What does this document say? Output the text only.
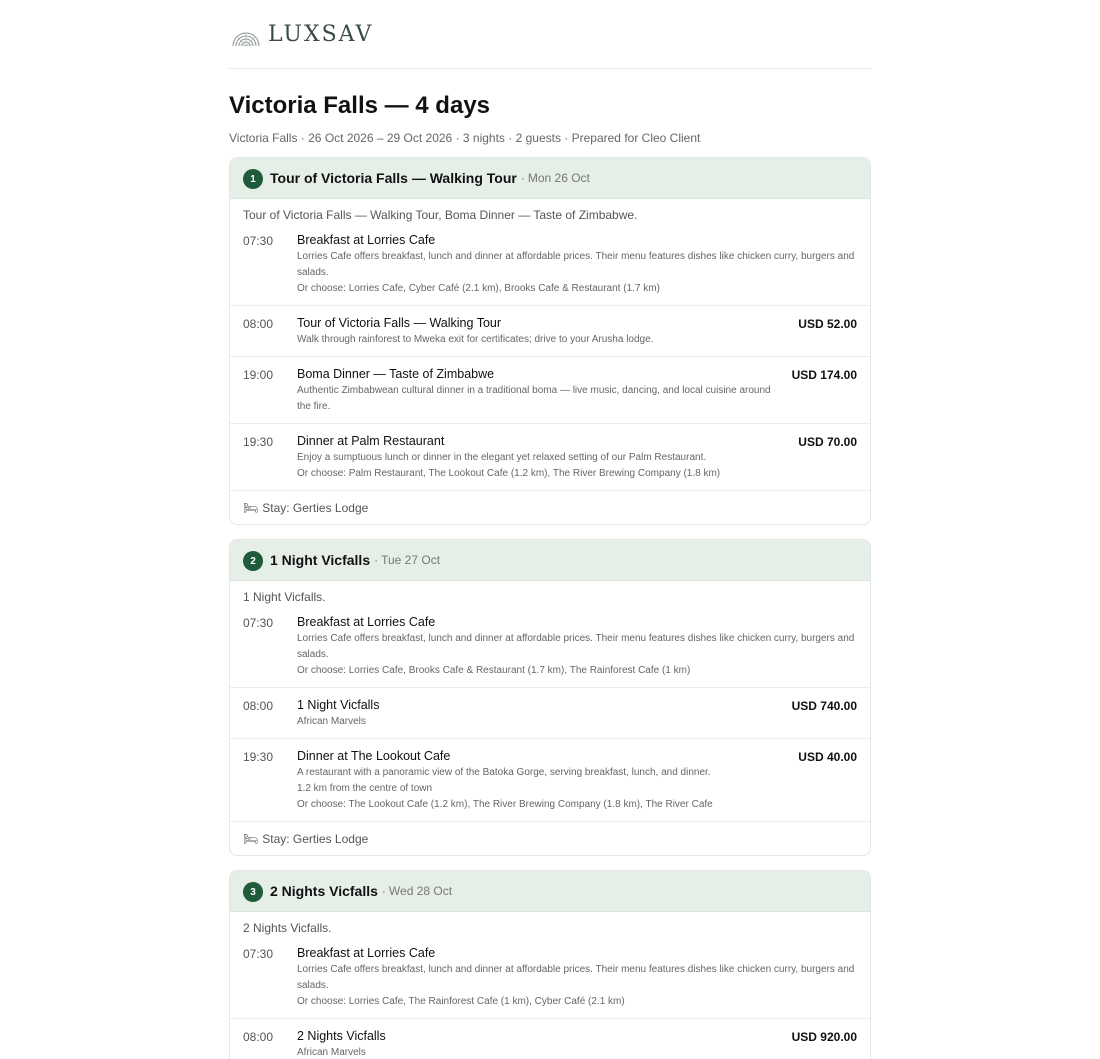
LUXSAV
Victoria Falls — 4 days
Victoria Falls · 26 Oct 2026 – 29 Oct 2026 · 3 nights · 2 guests · Prepared for Cleo Client
1	Tour of Victoria Falls — Walking Tour · Mon 26 Oct
Tour of Victoria Falls — Walking Tour, Boma Dinner — Taste of Zimbabwe.
07:30	Breakfast at Lorries Cafe
Lorries Cafe offers breakfast, lunch and dinner at affordable prices. Their menu features dishes like chicken curry, burgers and salads.
Or choose: Lorries Cafe, Cyber Café (2.1 km), Brooks Cafe & Restaurant (1.7 km)
08:00	Tour of Victoria Falls — Walking Tour
Walk through rainforest to Mweka exit for certificates; drive to your Arusha lodge.
USD 52.00
19:00	Boma Dinner — Taste of Zimbabwe
Authentic Zimbabwean cultural dinner in a traditional boma — live music, dancing, and local cuisine around the fire.
USD 174.00
19:30	Dinner at Palm Restaurant
Enjoy a sumptuous lunch or dinner in the elegant yet relaxed setting of our Palm Restaurant.
Or choose: Palm Restaurant, The Lookout Cafe (1.2 km), The River Brewing Company (1.8 km)
USD 70.00
🛏 Stay: Gerties Lodge
2	1 Night Vicfalls · Tue 27 Oct
1 Night Vicfalls.
07:30	Breakfast at Lorries Cafe
Lorries Cafe offers breakfast, lunch and dinner at affordable prices. Their menu features dishes like chicken curry, burgers and salads.
Or choose: Lorries Cafe, Brooks Cafe & Restaurant (1.7 km), The Rainforest Cafe (1 km)
08:00	1 Night Vicfalls
African Marvels
USD 740.00
19:30	Dinner at The Lookout Cafe
A restaurant with a panoramic view of the Batoka Gorge, serving breakfast, lunch, and dinner.
1.2 km from the centre of town
Or choose: The Lookout Cafe (1.2 km), The River Brewing Company (1.8 km), The River Cafe
USD 40.00
🛏 Stay: Gerties Lodge
3	2 Nights Vicfalls · Wed 28 Oct
2 Nights Vicfalls.
07:30	Breakfast at Lorries Cafe
Lorries Cafe offers breakfast, lunch and dinner at affordable prices. Their menu features dishes like chicken curry, burgers and salads.
Or choose: Lorries Cafe, The Rainforest Cafe (1 km), Cyber Café (2.1 km)
08:00	2 Nights Vicfalls
African Marvels
USD 920.00
